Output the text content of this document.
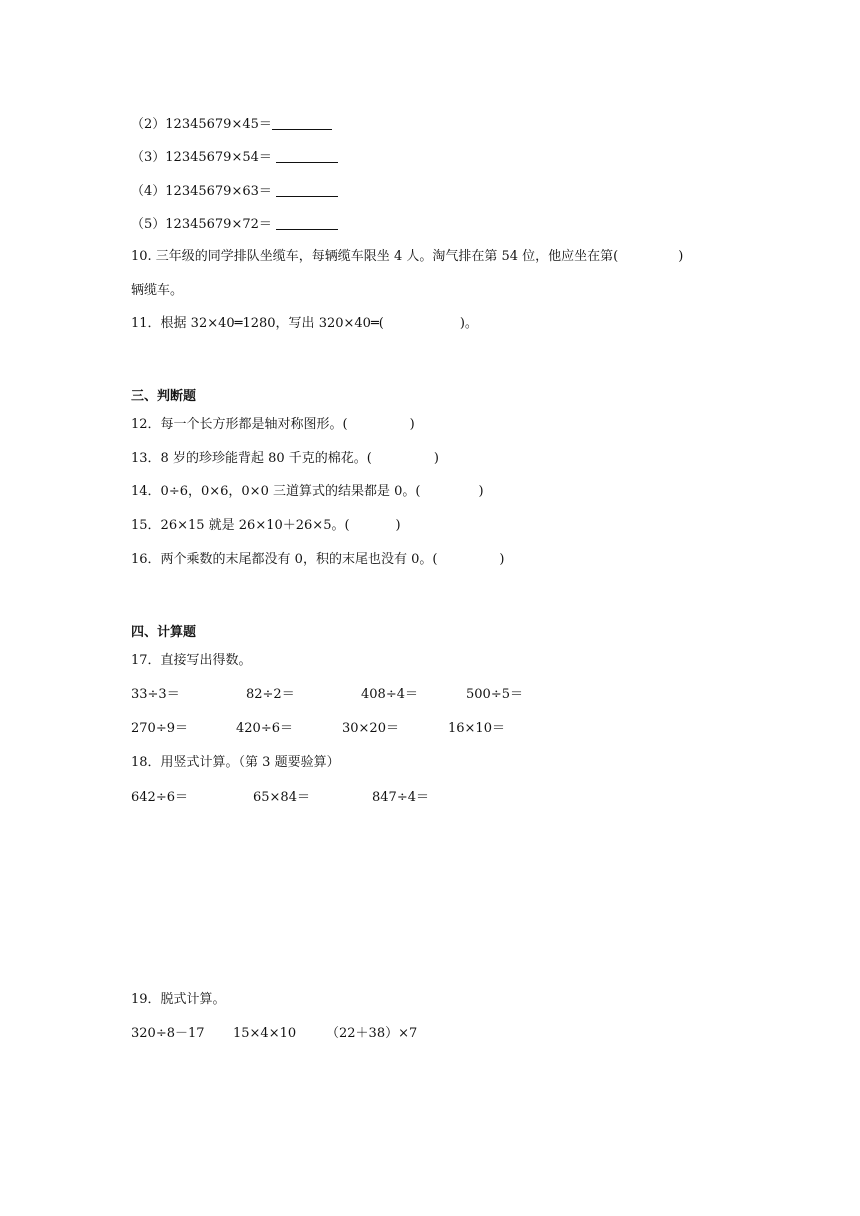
（2）12345679×45＝
（3）12345679×54＝
（4）12345679×63＝
（5）12345679×72＝
10. 三年级的同学排队坐缆车，每辆缆车限坐 4 人。淘气排在第 54 位，他应坐在第(	)
辆缆车。
11．根据 32×40═1280，写出 320×40═(	)。
三、判断题
12．每一个长方形都是轴对称图形。(	)
13．8 岁的珍珍能背起 80 千克的棉花。(	)
14．0÷6，0×6，0×0 三道算式的结果都是 0。(	)
15．26×15 就是 26×10＋26×5。(	)
16．两个乘数的末尾都没有 0，积的末尾也没有 0。(	)
四、计算题
17．直接写出得数。
33÷3＝	82÷2＝	408÷4＝	500÷5＝
270÷9＝	420÷6＝	30×20＝	16×10＝
18．用竖式计算。（第 3 题要验算）
642÷6＝	65×84＝	847÷4＝
19．脱式计算。
320÷8－17 15×4×10 （22＋38）×7
